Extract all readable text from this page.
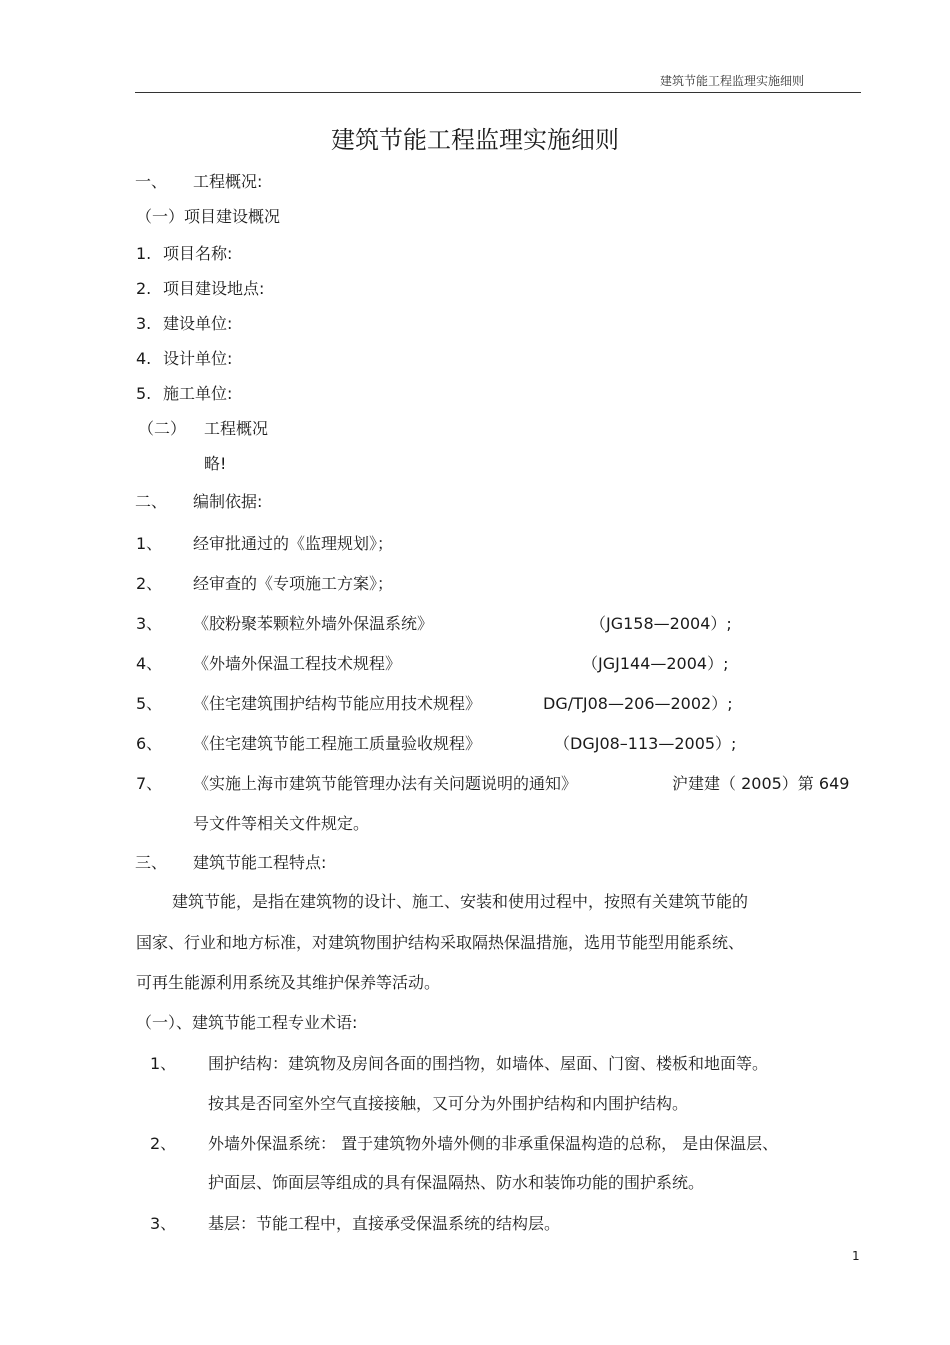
建筑节能工程监理实施细则
建筑节能工程监理实施细则
一、 工程概况:
（一）项目建设概况
1. 项目名称:
2. 项目建设地点:
3. 建设单位:
4. 设计单位:
5. 施工单位:
（二） 工程概况
略!
二、 编制依据:
1、 经审批通过的《监理规划》；
2、 经审查的《专项施工方案》；
3、 《胶粉聚苯颗粒外墙外保温系统》	（JG158—2004）;
4、 《外墙外保温工程技术规程》	（JGJ144—2004）;
5、 《住宅建筑围护结构节能应用技术规程》	DG/TJ08—206—2002）;
6、 《住宅建筑节能工程施工质量验收规程》	（DGJ08–113—2005）;
7、 《实施上海市建筑节能管理办法有关问题说明的通知》	沪建建（ 2005）第 649
号文件等相关文件规定。
三、 建筑节能工程特点:
建筑节能，是指在建筑物的设计、施工、安装和使用过程中，按照有关建筑节能的
国家、行业和地方标准，对建筑物围护结构采取隔热保温措施，选用节能型用能系统、
可再生能源利用系统及其维护保养等活动。
（一）、建筑节能工程专业术语:
1、 围护结构：建筑物及房间各面的围挡物，如墙体、屋面、门窗、楼板和地面等。
按其是否同室外空气直接接触，又可分为外围护结构和内围护结构。
2、 外墙外保温系统： 置于建筑物外墙外侧的非承重保温构造的总称， 是由保温层、
护面层、饰面层等组成的具有保温隔热、防水和装饰功能的围护系统。
3、 基层：节能工程中，直接承受保温系统的结构层。
1
